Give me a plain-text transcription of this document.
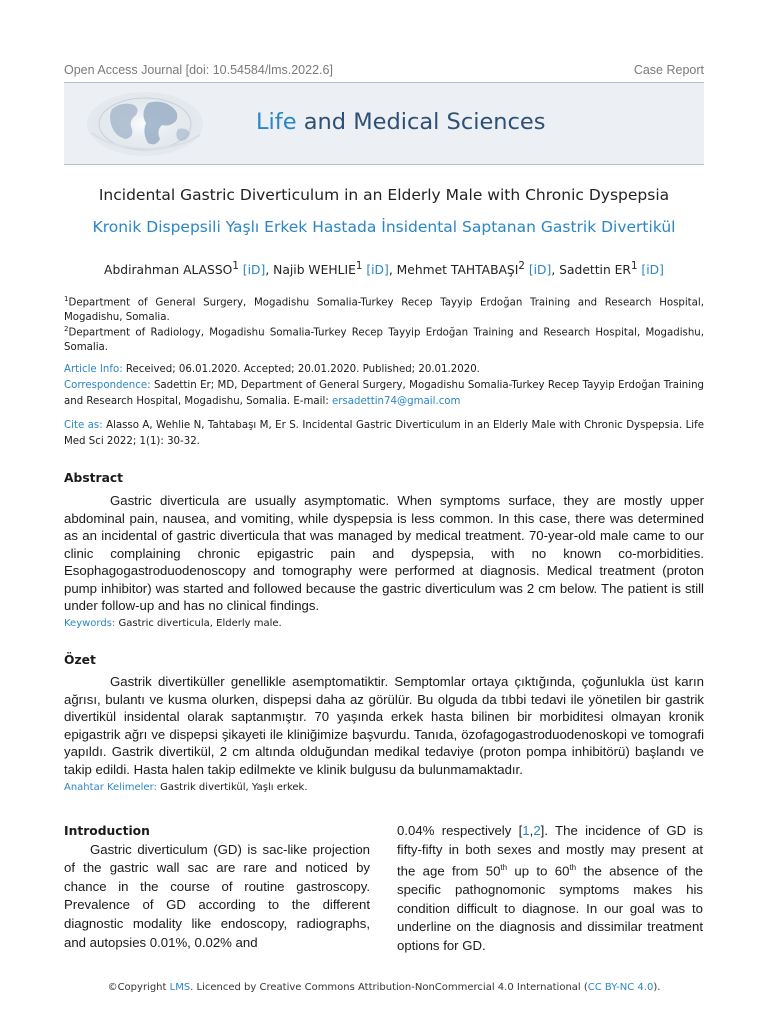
Open Access Journal [doi: 10.54584/lms.2022.6]	Case Report
Life and Medical Sciences
Incidental Gastric Diverticulum in an Elderly Male with Chronic Dyspepsia
Kronik Dispepsili Yaşlı Erkek Hastada İnsidental Saptanan Gastrik Divertikül
Abdirahman ALASSO$^1$ [iD], Najib WEHLIE$^1$ [iD], Mehmet TAHTABAŞI$^2$ [iD], Sadettin $ER^1$ [iD]
$^1$Department of General Surgery, Mogadishu Somalia-Turkey Recep Tayyip Erdoğan Training and Research Hospital, Mogadishu, Somalia.
$^2$Department of Radiology, Mogadishu Somalia-Turkey Recep Tayyip Erdoğan Training and Research Hospital, Mogadishu, Somalia.
Article Info: Received; 06.01.2020. Accepted; 20.01.2020. Published; 20.01.2020.
Correspondence: Sadettin Er; MD, Department of General Surgery, Mogadishu Somalia-Turkey Recep Tayyip Erdoğan Training and Research Hospital, Mogadishu, Somalia. E-mail: ersadettin74@gmail.com
Cite as: Alasso A, Wehlie N, Tahtabaşı M, Er S. Incidental Gastric Diverticulum in an Elderly Male with Chronic Dyspepsia. Life Med Sci 2022; 1(1): 30-32.
Abstract
Gastric diverticula are usually asymptomatic. When symptoms surface, they are mostly upper abdominal pain, nausea, and vomiting, while dyspepsia is less common. In this case, there was determined as an incidental of gastric diverticula that was managed by medical treatment. 70-year-old male came to our clinic complaining chronic epigastric pain and dyspepsia, with no known co-morbidities. Esophagogastroduodenoscopy and tomography were performed at diagnosis. Medical treatment (proton pump inhibitor) was started and followed because the gastric diverticulum was 2 cm below. The patient is still under follow-up and has no clinical findings.
Keywords: Gastric diverticula, Elderly male.
Özet
Gastrik divertiküller genellikle asemptomatiktir. Semptomlar ortaya çıktığında, çoğunlukla üst karın ağrısı, bulantı ve kusma olurken, dispepsi daha az görülür. Bu olguda da tıbbi tedavi ile yönetilen bir gastrik divertikül insidental olarak saptanmıştır. 70 yaşında erkek hasta bilinen bir morbiditesi olmayan kronik epigastrik ağrı ve dispepsi şikayeti ile kliniğimize başvurdu. Tanıda, özofagogastroduodenoskopi ve tomografi yapıldı. Gastrik divertikül, 2 cm altında olduğundan medikal tedaviye (proton pompa inhibitörü) başlandı ve takip edildi. Hasta halen takip edilmekte ve klinik bulgusu da bulunmamaktadır.
Anahtar Kelimeler: Gastrik divertikül, Yaşlı erkek.
Introduction
Gastric diverticulum (GD) is sac-like projection of the gastric wall sac are rare and noticed by chance in the course of routine gastroscopy. Prevalence of GD according to the different diagnostic modality like endoscopy, radiographs, and autopsies 0.01%, 0.02% and
0.04% respectively [1,2]. The incidence of GD is fifty-fifty in both sexes and mostly may present at the age from 50th up to 60th the absence of the specific pathognomonic symptoms makes his condition difficult to diagnose. In our goal was to underline on the diagnosis and dissimilar treatment options for GD.
©Copyright LMS. Licenced by Creative Commons Attribution-NonCommercial 4.0 International (CC BY-NC 4.0).
